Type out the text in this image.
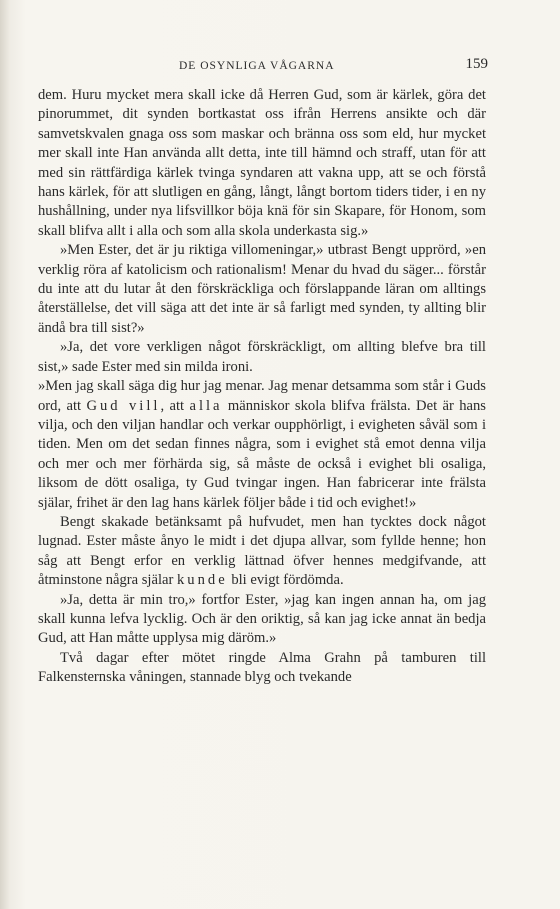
DE OSYNLIGA VÅGARNA	159

dem. Huru mycket mera skall icke då Herren Gud, som är kärlek, göra det pinorummet, dit synden bortkastat oss ifrån Herrens ansikte och där samvetskvalen gnaga oss som maskar och bränna oss som eld, hur mycket mer skall inte Han använda allt detta, inte till hämnd och straff, utan för att med sin rättfärdiga kärlek tvinga syndaren att vakna upp, att se och förstå hans kärlek, för att slutligen en gång, långt, långt bortom tiders tider, i en ny hushållning, under nya lifsvillkor böja knä för sin Skapare, för Honom, som skall blifva allt i alla och som alla skola underkasta sig.»

»Men Ester, det är ju riktiga villomeningar,» utbrast Bengt upprörd, »en verklig röra af katolicism och rationalism! Menar du hvad du säger... förstår du inte att du lutar åt den förskräckliga och förslappande läran om alltings återställelse, det vill säga att det inte är så farligt med synden, ty allting blir ändå bra till sist?»

»Ja, det vore verkligen något förskräckligt, om allting blefve bra till sist,» sade Ester med sin milda ironi.

»Men jag skall säga dig hur jag menar. Jag menar detsamma som står i Guds ord, att Gud vill, att alla människor skola blifva frälsta. Det är hans vilja, och den viljan handlar och verkar oupphörligt, i evigheten såväl som i tiden. Men om det sedan finnes några, som i evighet stå emot denna vilja och mer och mer förhärda sig, så måste de också i evighet bli osaliga, liksom de dött osaliga, ty Gud tvingar ingen. Han fabricerar inte frälsta själar, frihet är den lag hans kärlek följer både i tid och evighet!»

Bengt skakade betänksamt på hufvudet, men han tycktes dock något lugnad. Ester måste ånyo le midt i det djupa allvar, som fyllde henne; hon såg att Bengt erfor en verklig lättnad öfver hennes medgifvande, att åtminstone några själar kunde bli evigt fördömda.

»Ja, detta är min tro,» fortfor Ester, »jag kan ingen annan ha, om jag skall kunna lefva lycklig. Och är den oriktig, så kan jag icke annat än bedja Gud, att Han måtte upplysa mig däröm.»

Två dagar efter mötet ringde Alma Grahn på tamburen till Falkensternska våningen, stannade blyg och tvekande
